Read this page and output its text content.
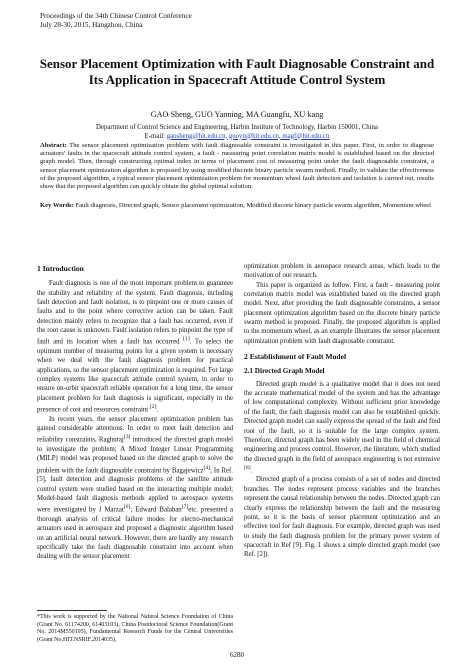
Proceedings of the 34th Chinese Control Conference
July 28-30, 2015, Hangzhou, China
Sensor Placement Optimization with Fault Diagnosable Constraint and
Its Application in Spacecraft Attitude Control System
GAO Sheng, GUO Yanning, MA Guangfu, XU kang
Department of Control Science and Engineering, Harbin Institute of Technology, Harbin 150001, China
E-mail: gaosheng@hit.edu.cn, guoyn@hit.edu.cn, magf@hit.edu.cn
Abstract: The sensor placement optimization problem with fault diagnosable constraint is investigated in this paper. First, in order to diagnose actuators' faults in the spacecraft attitude control system, a fault - measuring point correlation matrix model is established based on the directed graph model. Then, through constructing optimal index in terms of placement cost of measuring point under the fault diagnosable constraint, a sensor placement optimization algorithm is proposed by using modified discrete binary particle swarm method. Finally, to validate the effectiveness of the proposed algorithm, a typical sensor placement optimization problem for momentum wheel fault detection and isolation is carried out, results show that the proposed algorithm can quickly obtain the global optimal solution.
Key Words: Fault diagnosis, Directed graph, Sensor placement optimization, Modified discrete binary particle swarm algorithm, Momentum wheel
1 Introduction

Fault diagnosis is one of the most important problem to guarantee the stability and reliability of the system. Fault diagnosis, including fault detection and fault isolation, is to pinpoint one or more causes of faults and to the point where corrective action can be taken. Fault detection mainly refers to recognize that a fault has occurred, even if the root cause is unknown. Fault isolation refers to pinpoint the type of fault and its location when a fault has occurred [1]. To select the optimum number of measuring points for a given system is necessary when we deal with the fault diagnosis problem for practical applications, so the sensor placement optimization is required. For large complex systems like spacecraft attitude control system, in order to ensure on-orbit spacecraft reliable operation for a long time, the sensor placement problem for fault diagnosis is significant, especially in the presence of cost and resources constraint [2].

In recent years, the sensor placement optimization problem has gained considerable attentions. In order to meet fault detection and reliability constraints, Raghuraj[3] introduced the directed graph model to investigate the problem; A Mixed Integer Linear Programming (MILP) model was proposed based on the directed graph to solve the problem with the fault diagnosable constraint by Bagajewicz[4]; In Ref. [5], fault detection and diagnosis problems of the satellite attitude control system were studied based on the interacting multiple model; Model-based fault diagnosis methods applied to aerospace systems were investigated by J Marzat[6]; Edward Balaban[7]etc. presented a thorough analysis of critical failure modes for electro-mechanical actuators used in aerospace and proposed a diagnostic algorithm based on an artificial neural network. However, there are hardly any research specifically take the fault diagnosable constraint into account when dealing with the sensor placement

optimization problem in aerospace research areas, which leads to the motivation of our research.

This paper is organized as follow. First, a fault - measuring point correlation matrix model was established based on the directed graph model. Next, after providing the fault diagnosable constraints, a sensor placement optimization algorithm based on the discrete binary particle swarm method is proposed. Finally, the proposed algorithm is applied to the momentum wheel, as an example illustrates the sensor placement optimization problem with fault diagnosable constraint.

2 Establishment of Fault Model
2.1 Directed Graph Model

Directed graph model is a qualitative model that it does not need the accurate mathematical model of the system and has the advantage of low computational complexity. Without sufficient prior knowledge of the fault, the fault diagnosis model can also be established quickly. Directed graph model can easily express the spread of the fault and find root of the fault, so it is suitable for the large complex system. Therefore, directed graph has been widely used in the field of chemical engineering and process control. However, the literature, which studied the directed graph in the field of aerospace engineering is not extensive [8].

Directed graph of a process consists of a set of nodes and directed branches. The nodes represent process variables and the branches represent the causal relationship between the nodes. Directed graph can clearly express the relationship between the fault and the measuring point, so it is the basis of sensor placement optimization and an effective tool for fault diagnosis. For example, directed graph was used to study the fault diagnosis problem for the primary power system of spacecraft in Ref [9]. Fig. 1 shows a simple directed graph model (see Ref. [2]).

*This work is supported by the National Natural Science Foundation of China (Grant No. 61174200, 61403103), China Postdoctoral Science Foundation(Grant No. 2014M550195), Fundamental Research Funds for the Central Universities (Grant No.HIT.NSRIF.2014035).
6280
